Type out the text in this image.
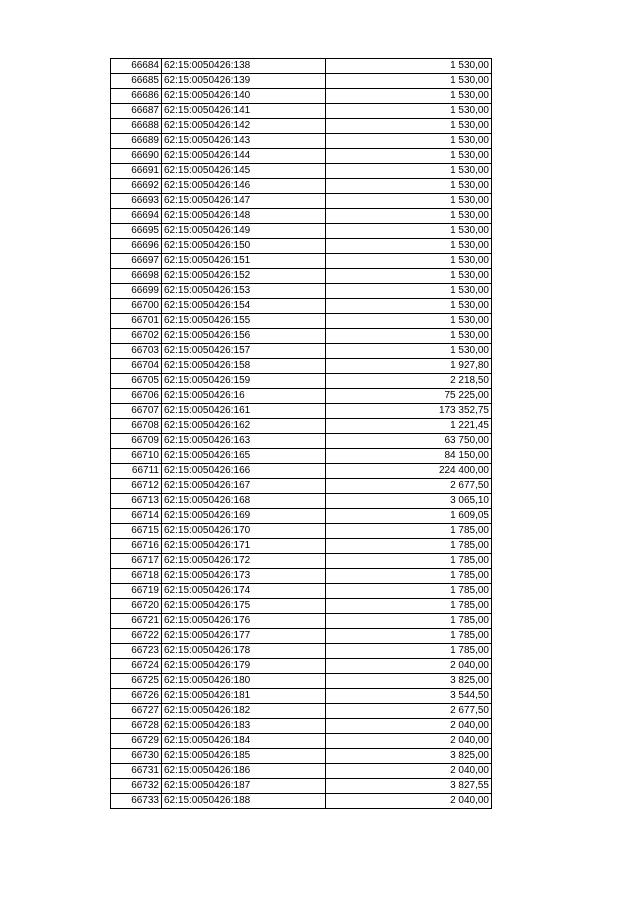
66684	62:15:0050426:138	1 530,00
66685	62:15:0050426:139	1 530,00
66686	62:15:0050426:140	1 530,00
66687	62:15:0050426:141	1 530,00
66688	62:15:0050426:142	1 530,00
66689	62:15:0050426:143	1 530,00
66690	62:15:0050426:144	1 530,00
66691	62:15:0050426:145	1 530,00
66692	62:15:0050426:146	1 530,00
66693	62:15:0050426:147	1 530,00
66694	62:15:0050426:148	1 530,00
66695	62:15:0050426:149	1 530,00
66696	62:15:0050426:150	1 530,00
66697	62:15:0050426:151	1 530,00
66698	62:15:0050426:152	1 530,00
66699	62:15:0050426:153	1 530,00
66700	62:15:0050426:154	1 530,00
66701	62:15:0050426:155	1 530,00
66702	62:15:0050426:156	1 530,00
66703	62:15:0050426:157	1 530,00
66704	62:15:0050426:158	1 927,80
66705	62:15:0050426:159	2 218,50
66706	62:15:0050426:16	75 225,00
66707	62:15:0050426:161	173 352,75
66708	62:15:0050426:162	1 221,45
66709	62:15:0050426:163	63 750,00
66710	62:15:0050426:165	84 150,00
66711	62:15:0050426:166	224 400,00
66712	62:15:0050426:167	2 677,50
66713	62:15:0050426:168	3 065,10
66714	62:15:0050426:169	1 609,05
66715	62:15:0050426:170	1 785,00
66716	62:15:0050426:171	1 785,00
66717	62:15:0050426:172	1 785,00
66718	62:15:0050426:173	1 785,00
66719	62:15:0050426:174	1 785,00
66720	62:15:0050426:175	1 785,00
66721	62:15:0050426:176	1 785,00
66722	62:15:0050426:177	1 785,00
66723	62:15:0050426:178	1 785,00
66724	62:15:0050426:179	2 040,00
66725	62:15:0050426:180	3 825,00
66726	62:15:0050426:181	3 544,50
66727	62:15:0050426:182	2 677,50
66728	62:15:0050426:183	2 040,00
66729	62:15:0050426:184	2 040,00
66730	62:15:0050426:185	3 825,00
66731	62:15:0050426:186	2 040,00
66732	62:15:0050426:187	3 827,55
66733	62:15:0050426:188	2 040,00
